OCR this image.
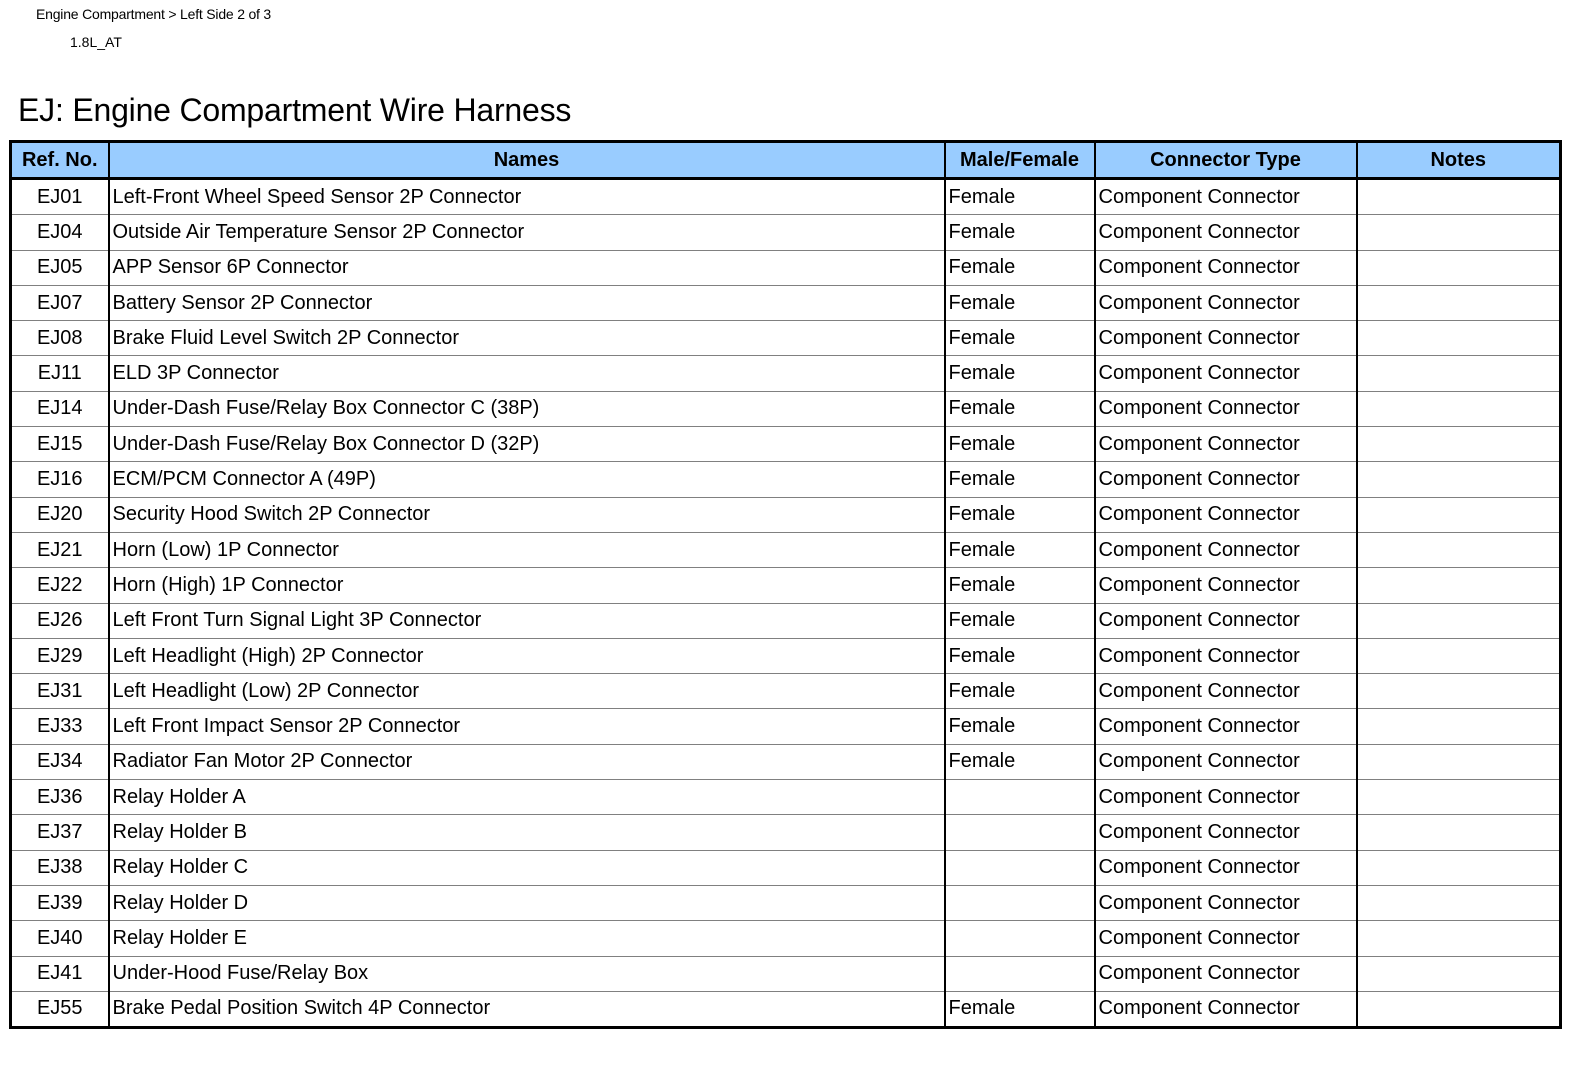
Engine Compartment > Left Side 2 of 3
1.8L_AT
EJ: Engine Compartment Wire Harness
Ref. No.	Names	Male/Female	Connector Type	Notes
EJ01	Left-Front Wheel Speed Sensor 2P Connector	Female	Component Connector	
EJ04	Outside Air Temperature Sensor 2P Connector	Female	Component Connector	
EJ05	APP Sensor 6P Connector	Female	Component Connector	
EJ07	Battery Sensor 2P Connector	Female	Component Connector	
EJ08	Brake Fluid Level Switch 2P Connector	Female	Component Connector	
EJ11	ELD 3P Connector	Female	Component Connector	
EJ14	Under-Dash Fuse/Relay Box Connector C (38P)	Female	Component Connector	
EJ15	Under-Dash Fuse/Relay Box Connector D (32P)	Female	Component Connector	
EJ16	ECM/PCM Connector A (49P)	Female	Component Connector	
EJ20	Security Hood Switch 2P Connector	Female	Component Connector	
EJ21	Horn (Low) 1P Connector	Female	Component Connector	
EJ22	Horn (High) 1P Connector	Female	Component Connector	
EJ26	Left Front Turn Signal Light 3P Connector	Female	Component Connector	
EJ29	Left Headlight (High) 2P Connector	Female	Component Connector	
EJ31	Left Headlight (Low) 2P Connector	Female	Component Connector	
EJ33	Left Front Impact Sensor 2P Connector	Female	Component Connector	
EJ34	Radiator Fan Motor 2P Connector	Female	Component Connector	
EJ36	Relay Holder A		Component Connector	
EJ37	Relay Holder B		Component Connector	
EJ38	Relay Holder C		Component Connector	
EJ39	Relay Holder D		Component Connector	
EJ40	Relay Holder E		Component Connector	
EJ41	Under-Hood Fuse/Relay Box		Component Connector	
EJ55	Brake Pedal Position Switch 4P Connector	Female	Component Connector	
